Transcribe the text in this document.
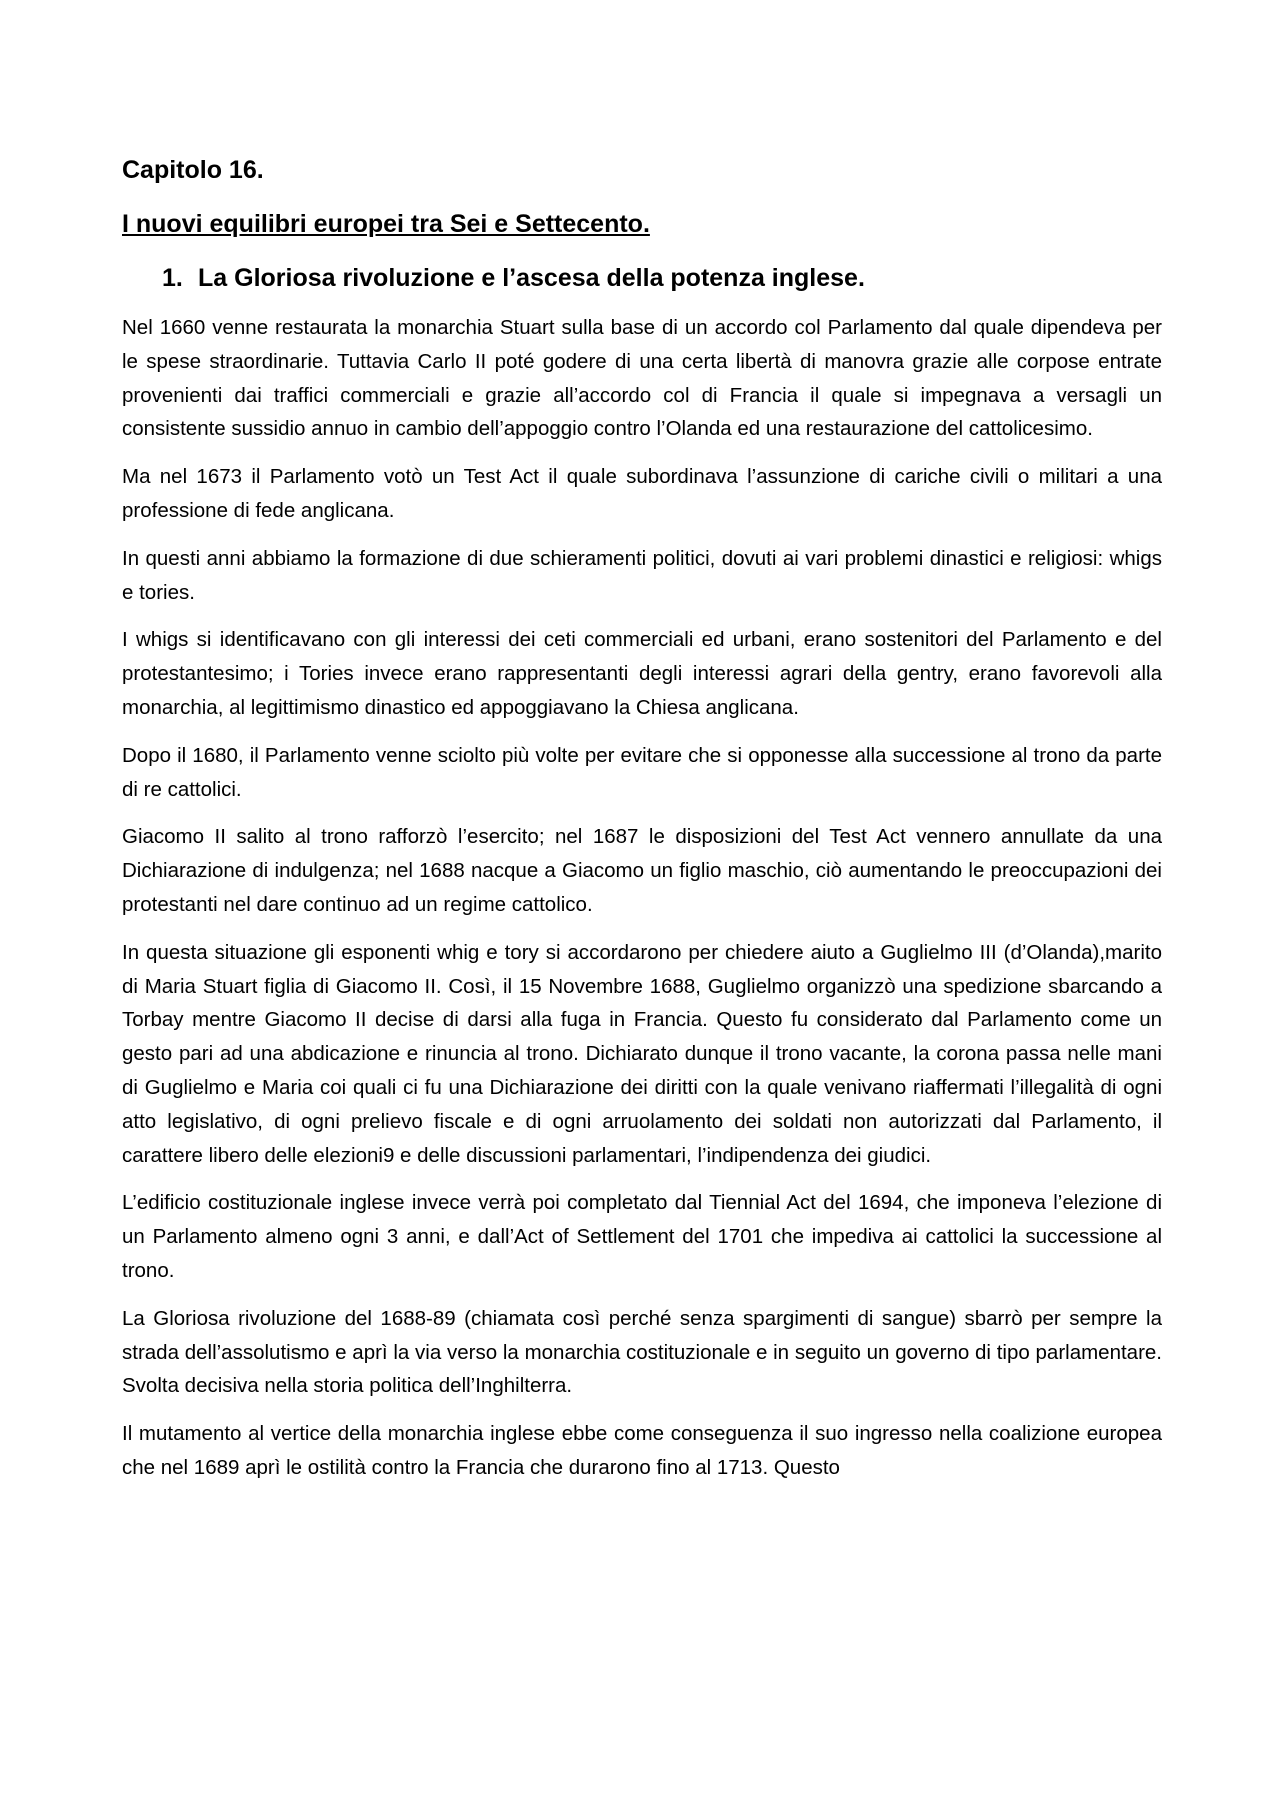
Capitolo 16.
I nuovi equilibri europei tra Sei e Settecento.
1. La Gloriosa rivoluzione e l’ascesa della potenza inglese.

Nel 1660 venne restaurata la monarchia Stuart sulla base di un accordo col Parlamento dal quale dipendeva per le spese straordinarie. Tuttavia Carlo II poté godere di una certa libertà di manovra grazie alle corpose entrate provenienti dai traffici commerciali e grazie all’accordo col di Francia il quale si impegnava a versagli un consistente sussidio annuo in cambio dell’appoggio contro l’Olanda ed una restaurazione del cattolicesimo.

Ma nel 1673 il Parlamento votò un Test Act il quale subordinava l’assunzione di cariche civili o militari a una professione di fede anglicana.

In questi anni abbiamo la formazione di due schieramenti politici, dovuti ai vari problemi dinastici e religiosi: whigs e tories.

I whigs si identificavano con gli interessi dei ceti commerciali ed urbani, erano sostenitori del Parlamento e del protestantesimo; i Tories invece erano rappresentanti degli interessi agrari della gentry, erano favorevoli alla monarchia, al legittimismo dinastico ed appoggiavano la Chiesa anglicana.

Dopo il 1680, il Parlamento venne sciolto più volte per evitare che si opponesse alla successione al trono da parte di re cattolici.

Giacomo II salito al trono rafforzò l’esercito; nel 1687 le disposizioni del Test Act vennero annullate da una Dichiarazione di indulgenza; nel 1688 nacque a Giacomo un figlio maschio, ciò aumentando le preoccupazioni dei protestanti nel dare continuo ad un regime cattolico.

In questa situazione gli esponenti whig e tory si accordarono per chiedere aiuto a Guglielmo III (d’Olanda),marito di Maria Stuart figlia di Giacomo II. Così, il 15 Novembre 1688, Guglielmo organizzò una spedizione sbarcando a Torbay mentre Giacomo II decise di darsi alla fuga in Francia. Questo fu considerato dal Parlamento come un gesto pari ad una abdicazione e rinuncia al trono. Dichiarato dunque il trono vacante, la corona passa nelle mani di Guglielmo e Maria coi quali ci fu una Dichiarazione dei diritti con la quale venivano riaffermati l’illegalità di ogni atto legislativo, di ogni prelievo fiscale e di ogni arruolamento dei soldati non autorizzati dal Parlamento, il carattere libero delle elezioni9 e delle discussioni parlamentari, l’indipendenza dei giudici.

L’edificio costituzionale inglese invece verrà poi completato dal Tiennial Act del 1694, che imponeva l’elezione di un Parlamento almeno ogni 3 anni, e dall’Act of Settlement del 1701 che impediva ai cattolici la successione al trono.

La Gloriosa rivoluzione del 1688-89 (chiamata così perché senza spargimenti di sangue) sbarrò per sempre la strada dell’assolutismo e aprì la via verso la monarchia costituzionale e in seguito un governo di tipo parlamentare. Svolta decisiva nella storia politica dell’Inghilterra.

Il mutamento al vertice della monarchia inglese ebbe come conseguenza il suo ingresso nella coalizione europea che nel 1689 aprì le ostilità contro la Francia che durarono fino al 1713. Questo
